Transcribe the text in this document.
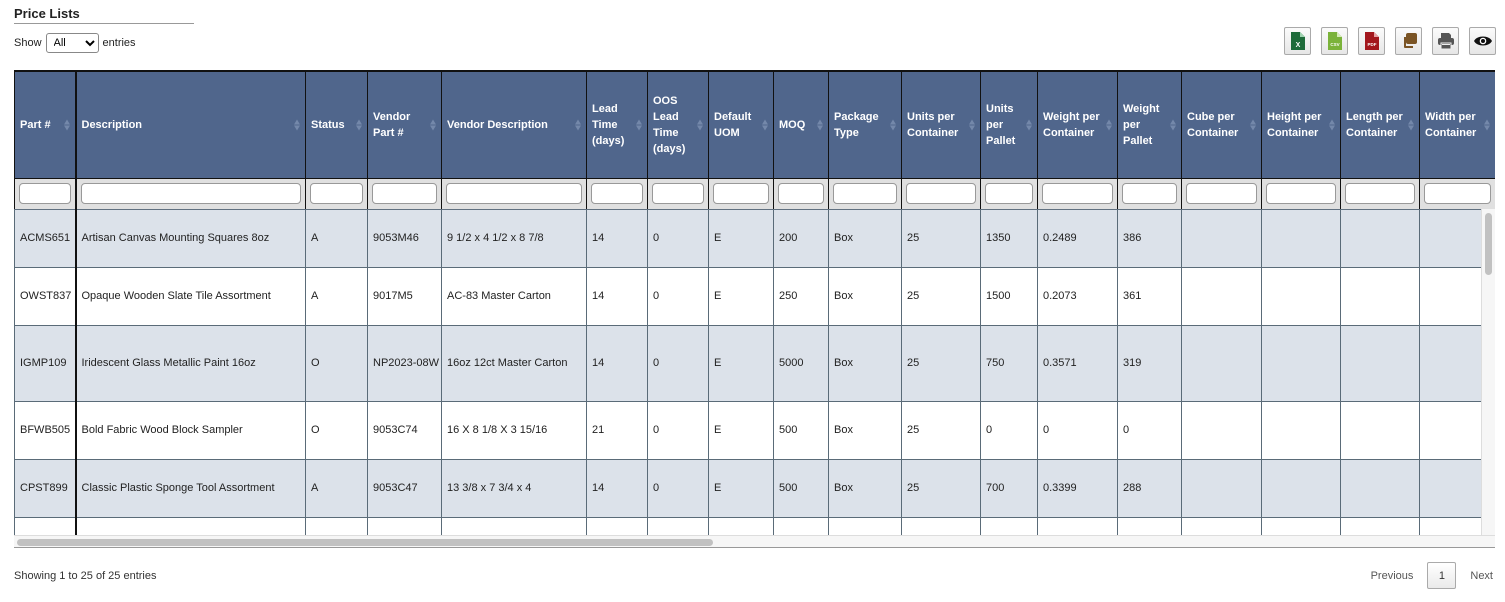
Price Lists
Show
All	entries	X	CSV	PDF
Part #	Description	Status	Vendor Part #	Vendor Description	Lead Time (days)	OOS Lead Time (days)	Default UOM	MOQ	Package Type	Units per Container	Units per Pallet	Weight per Container	Weight per Pallet	Cube per Container	Height per Container	Length per Container	Width per Container

ACMS651	Artisan Canvas Mounting Squares 8oz	A	9053M46	9 1/2 x 4 1/2 x 8 7/8	14	0	E	200	Box	25	1350	0.2489	386				
OWST837	Opaque Wooden Slate Tile Assortment	A	9017M5	AC-83 Master Carton	14	0	E	250	Box	25	1500	0.2073	361				
IGMP109	Iridescent Glass Metallic Paint 16oz	O	NP2023-08W	16oz 12ct Master Carton	14	0	E	5000	Box	25	750	0.3571	319				
BFWB505	Bold Fabric Wood Block Sampler	O	9053C74	16 X 8 1/8 X 3 15/16	21	0	E	500	Box	25	0	0	0				
CPST899	Classic Plastic Sponge Tool Assortment	A	9053C47	13 3/8 x 7 3/4 x 4	14	0	E	500	Box	25	700	0.3399	288				

Showing 1 to 25 of 25 entries	Previous	1	Next
